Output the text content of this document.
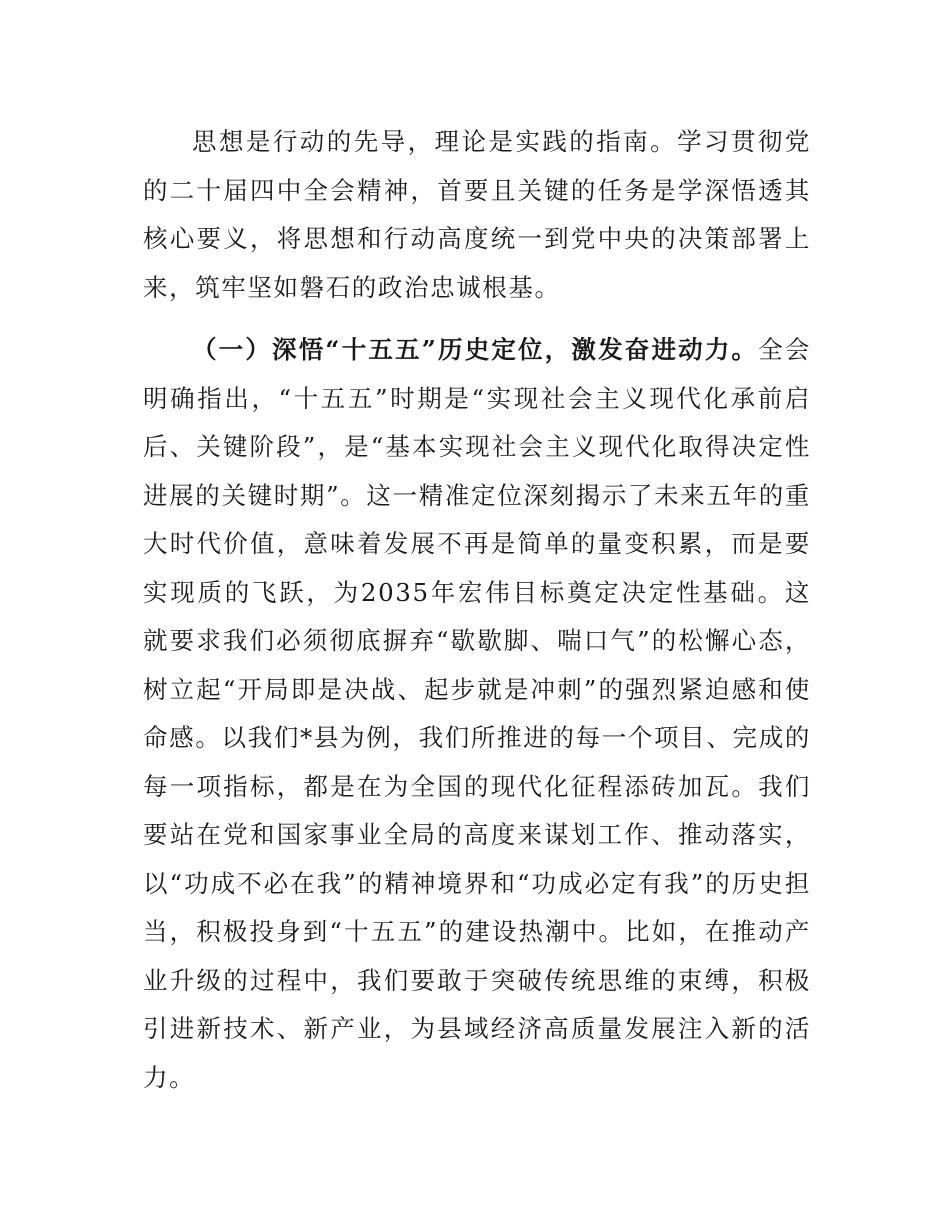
思想是行动的先导，理论是实践的指南。学习贯彻党的二十届四中全会精神，首要且关键的任务是学深悟透其核心要义，将思想和行动高度统一到党中央的决策部署上来，筑牢坚如磐石的政治忠诚根基。

（一）深悟“十五五”历史定位，激发奋进动力。全会明确指出，“十五五”时期是“实现社会主义现代化承前启后、关键阶段”，是“基本实现社会主义现代化取得决定性进展的关键时期”。这一精准定位深刻揭示了未来五年的重大时代价值，意味着发展不再是简单的量变积累，而是要实现质的飞跃，为2035年宏伟目标奠定决定性基础。这就要求我们必须彻底摒弃“歇歇脚、喘口气”的松懈心态，树立起“开局即是决战、起步就是冲刺”的强烈紧迫感和使命感。以我们*县为例，我们所推进的每一个项目、完成的每一项指标，都是在为全国的现代化征程添砖加瓦。我们要站在党和国家事业全局的高度来谋划工作、推动落实，以“功成不必在我”的精神境界和“功成必定有我”的历史担当，积极投身到“十五五”的建设热潮中。比如，在推动产业升级的过程中，我们要敢于突破传统思维的束缚，积极引进新技术、新产业，为县域经济高质量发展注入新的活力。
